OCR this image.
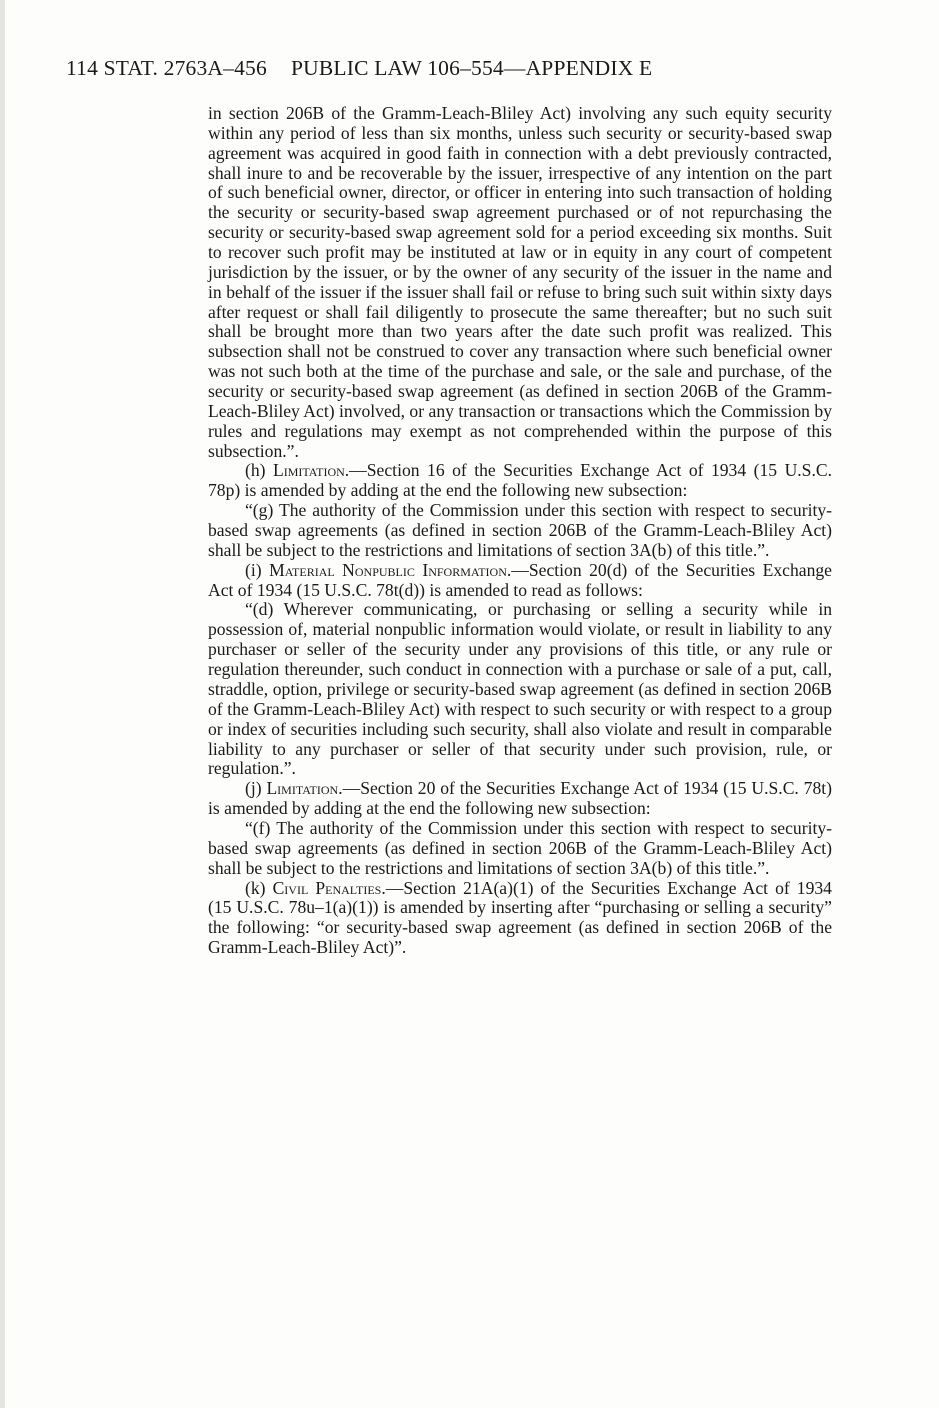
114 STAT. 2763A–456 PUBLIC LAW 106–554—APPENDIX E

in section 206B of the Gramm-Leach-Bliley Act) involving any such equity security within any period of less than six months, unless such security or security-based swap agreement was acquired in good faith in connection with a debt previously contracted, shall inure to and be recoverable by the issuer, irrespective of any intention on the part of such beneficial owner, director, or officer in entering into such transaction of holding the security or security-based swap agreement purchased or of not repurchasing the security or security-based swap agreement sold for a period exceeding six months. Suit to recover such profit may be instituted at law or in equity in any court of competent jurisdiction by the issuer, or by the owner of any security of the issuer in the name and in behalf of the issuer if the issuer shall fail or refuse to bring such suit within sixty days after request or shall fail diligently to prosecute the same thereafter; but no such suit shall be brought more than two years after the date such profit was realized. This subsection shall not be construed to cover any transaction where such beneficial owner was not such both at the time of the purchase and sale, or the sale and purchase, of the security or security-based swap agreement (as defined in section 206B of the Gramm-Leach-Bliley Act) involved, or any transaction or transactions which the Commission by rules and regulations may exempt as not comprehended within the purpose of this subsection.”.

(h) Limitation.—Section 16 of the Securities Exchange Act of 1934 (15 U.S.C. 78p) is amended by adding at the end the following new subsection:

“(g) The authority of the Commission under this section with respect to security-based swap agreements (as defined in section 206B of the Gramm-Leach-Bliley Act) shall be subject to the restrictions and limitations of section 3A(b) of this title.”.

(i) Material Nonpublic Information.—Section 20(d) of the Securities Exchange Act of 1934 (15 U.S.C. 78t(d)) is amended to read as follows:

“(d) Wherever communicating, or purchasing or selling a security while in possession of, material nonpublic information would violate, or result in liability to any purchaser or seller of the security under any provisions of this title, or any rule or regulation thereunder, such conduct in connection with a purchase or sale of a put, call, straddle, option, privilege or security-based swap agreement (as defined in section 206B of the Gramm-Leach-Bliley Act) with respect to such security or with respect to a group or index of securities including such security, shall also violate and result in comparable liability to any purchaser or seller of that security under such provision, rule, or regulation.”.

(j) Limitation.—Section 20 of the Securities Exchange Act of 1934 (15 U.S.C. 78t) is amended by adding at the end the following new subsection:

“(f) The authority of the Commission under this section with respect to security-based swap agreements (as defined in section 206B of the Gramm-Leach-Bliley Act) shall be subject to the restrictions and limitations of section 3A(b) of this title.”.

(k) Civil Penalties.—Section 21A(a)(1) of the Securities Exchange Act of 1934 (15 U.S.C. 78u–1(a)(1)) is amended by inserting after “purchasing or selling a security” the following: “or security-based swap agreement (as defined in section 206B of the Gramm-Leach-Bliley Act)”.
